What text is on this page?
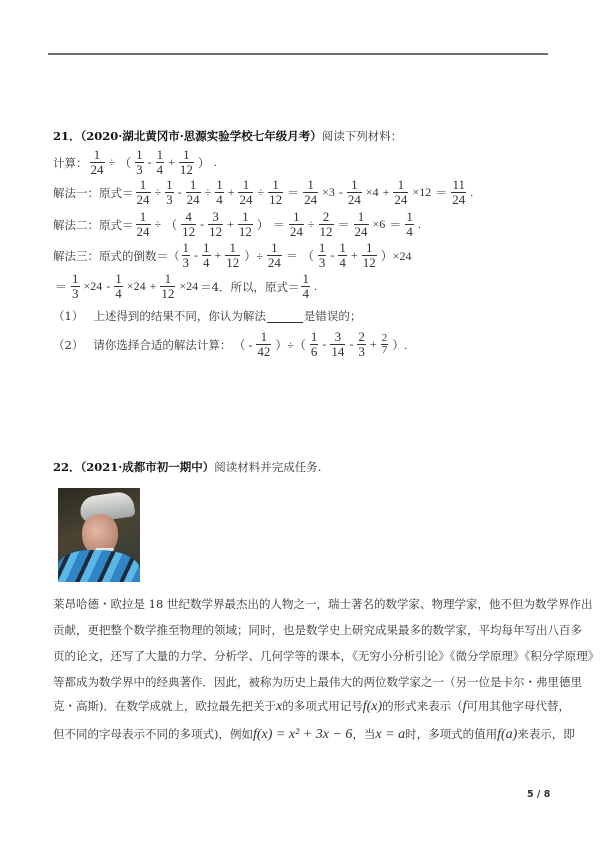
21．（2020·湖北黄冈市·思源实验学校七年级月考） 阅读下列材料：
计算： $\frac{1}{24}$ ÷ （ $\frac{1}{3} - \frac{1}{4} + \frac{1}{12}$ ） .
解法一：原式＝ $\frac{1}{24} \div \frac{1}{3} - \frac{1}{24} \div \frac{1}{4} + \frac{1}{24} \div \frac{1}{12} = \frac{1}{24} \times 3 - \frac{1}{24} \times 4 + \frac{1}{24} \times 12 = \frac{11}{24}$ .
解法二：原式＝ $\frac{1}{24}$ ÷ （ $\frac{4}{12} - \frac{3}{12} + \frac{1}{12}$ ） ＝ $\frac{1}{24} \div \frac{2}{12} = \frac{1}{24} \times 6 = \frac{1}{4}$ .
解法三：原式的倒数＝（ $\frac{1}{3} - \frac{1}{4} + \frac{1}{12}$ ）÷ $\frac{1}{24}$ ＝ （ $\frac{1}{3} - \frac{1}{4} + \frac{1}{12} )\times 24$
＝ $\frac{1}{3} \times 24 - \frac{1}{4} \times 24 + \frac{1}{12} \times 24 =4$．所以，原式＝ $\frac{1}{4}$ .
（1） 上述得到的结果不同，你认为解法	是错误的；
（2） 请你选择合适的解法计算： （ - $\frac{1}{42}$ ）÷（ $\frac{1}{6} - \frac{3}{14} - \frac{2}{3} + \frac{2}{7}$ ）.
22．（2021·成都市初一期中） 阅读材料并完成任务.
莱昂哈德・欧拉是 18 世纪数学界最杰出的人物之一，瑞士著名的数学家、物理学家，他不但为数学界作出
贡献，更把整个数学推至物理的领域；同时，也是数学史上研究成果最多的数学家，平均每年写出八百多
页的论文，还写了大量的力学、分析学、几何学等的课本，《无穷小分析引论》《微分学原理》《积分学原理》
等都成为数学界中的经典著作．因此，被称为历史上最伟大的两位数学家之一（另一位是卡尔・弗里德里
克・高斯)．在数学成就上，欧拉最先把关于x的多项式用记号f(x)的形式来表示（f可用其他字母代替，
但不同的字母表示不同的多项式)，例如f(x) = x² + 3x − 6，当x = a时，多项式的值用f(a)来表示，即
5 / 8
